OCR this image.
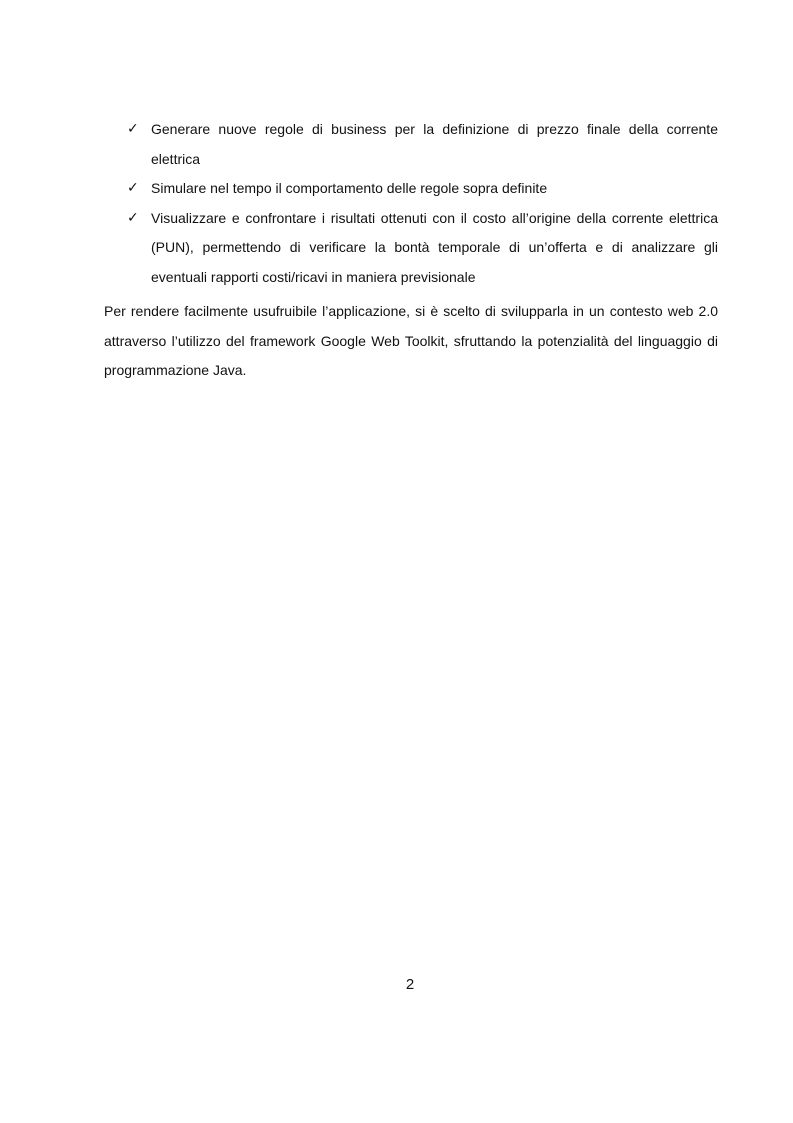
✓ Generare nuove regole di business per la definizione di prezzo finale della corrente elettrica
✓ Simulare nel tempo il comportamento delle regole sopra definite
✓ Visualizzare e confrontare i risultati ottenuti con il costo all’origine della corrente elettrica (PUN), permettendo di verificare la bontà temporale di un’offerta e di analizzare gli eventuali rapporti costi/ricavi in maniera previsionale

Per rendere facilmente usufruibile l’applicazione, si è scelto di svilupparla in un contesto web 2.0 attraverso l’utilizzo del framework Google Web Toolkit, sfruttando la potenzialità del linguaggio di programmazione Java.

2
